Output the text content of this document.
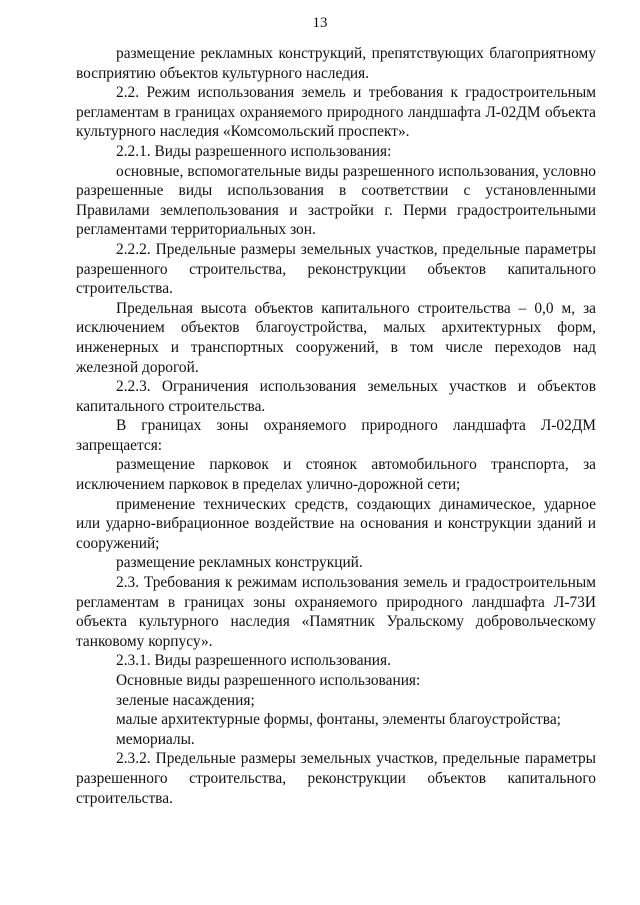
13

размещение рекламных конструкций, препятствующих благоприятному восприятию объектов культурного наследия.

2.2. Режим использования земель и требования к градостроительным регламентам в границах охраняемого природного ландшафта Л-02ДМ объекта культурного наследия «Комсомольский проспект».

2.2.1. Виды разрешенного использования:

основные, вспомогательные виды разрешенного использования, условно разрешенные виды использования в соответствии с установленными Правилами землепользования и застройки г. Перми градостроительными регламентами территориальных зон.

2.2.2. Предельные размеры земельных участков, предельные параметры разрешенного строительства, реконструкции объектов капитального строительства.

Предельная высота объектов капитального строительства – 0,0 м, за исключением объектов благоустройства, малых архитектурных форм, инженерных и транспортных сооружений, в том числе переходов над железной дорогой.

2.2.3. Ограничения использования земельных участков и объектов капитального строительства.

В границах зоны охраняемого природного ландшафта Л-02ДМ запрещается:

размещение парковок и стоянок автомобильного транспорта, за исключением парковок в пределах улично-дорожной сети;

применение технических средств, создающих динамическое, ударное или ударно-вибрационное воздействие на основания и конструкции зданий и сооружений;

размещение рекламных конструкций.

2.3. Требования к режимам использования земель и градостроительным регламентам в границах зоны охраняемого природного ландшафта Л-73И объекта культурного наследия «Памятник Уральскому добровольческому танковому корпусу».

2.3.1. Виды разрешенного использования.

Основные виды разрешенного использования:

зеленые насаждения;

малые архитектурные формы, фонтаны, элементы благоустройства;

мемориалы.

2.3.2. Предельные размеры земельных участков, предельные параметры разрешенного строительства, реконструкции объектов капитального строительства.
